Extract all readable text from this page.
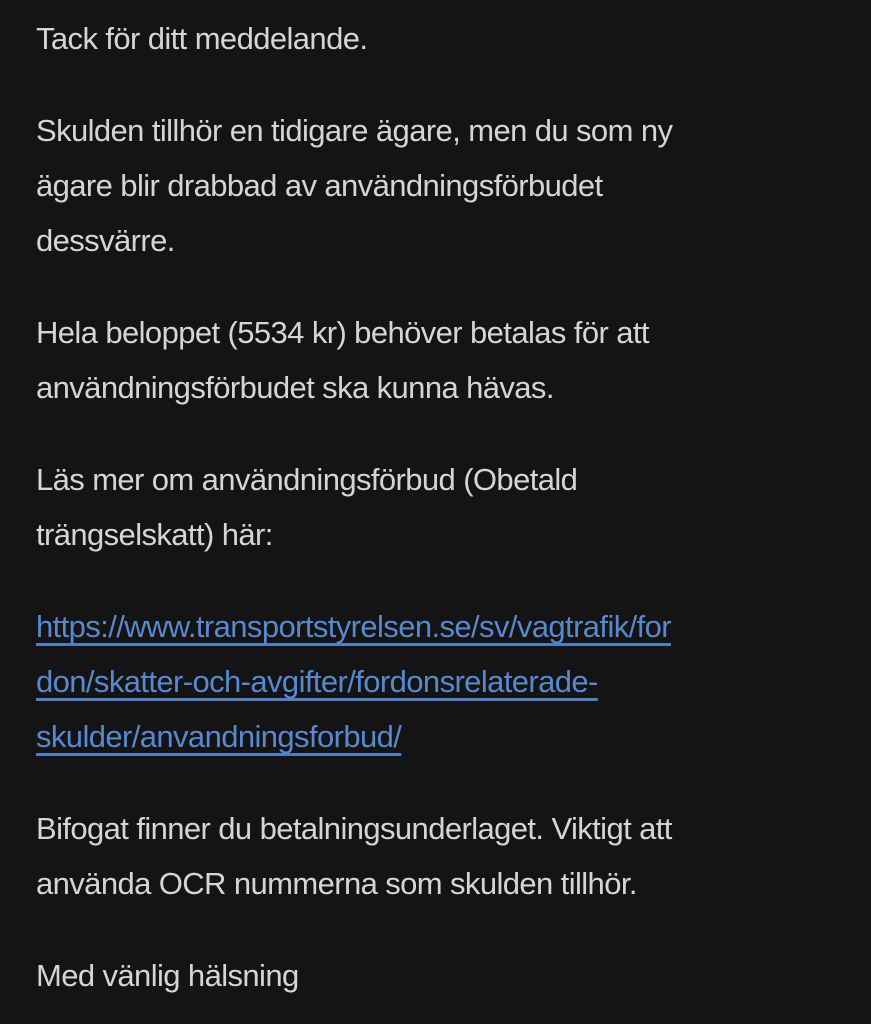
Tack för ditt meddelande.

Skulden tillhör en tidigare ägare, men du som ny
ägare blir drabbad av användningsförbudet
dessvärre.

Hela beloppet (5534 kr) behöver betalas för att
användningsförbudet ska kunna hävas.

Läs mer om användningsförbud (Obetald
trängselskatt) här:

https://www.transportstyrelsen.se/sv/vagtrafik/for
don/skatter-och-avgifter/fordonsrelaterade-
skulder/anvandningsforbud/

Bifogat finner du betalningsunderlaget. Viktigt att
använda OCR nummerna som skulden tillhör.

Med vänlig hälsning
